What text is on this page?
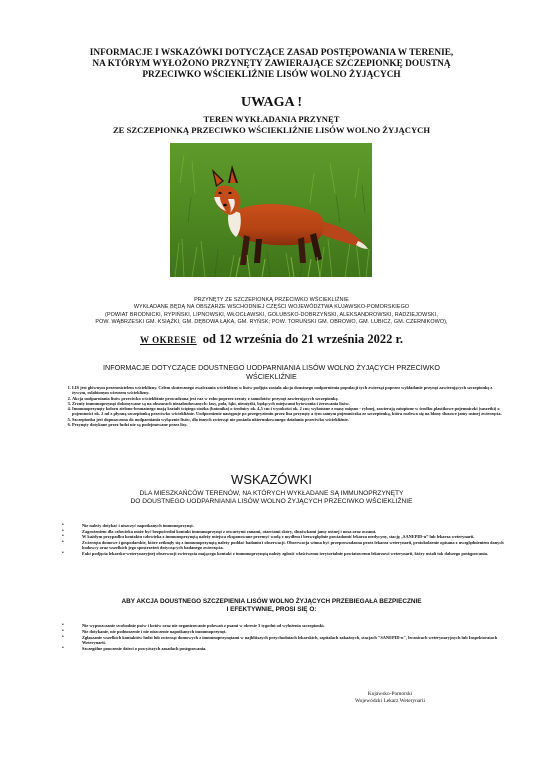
INFORMACJE I WSKAZÓWKI DOTYCZĄCE ZASAD POSTĘPOWANIA W TERENIE,
NA KTÓRYM WYŁOŻONO PRZYNĘTY ZAWIERAJĄCE SZCZEPIONKĘ DOUSTNĄ
PRZECIWKO WŚCIEKLIŹNIE LISÓW WOLNO ŻYJĄCYCH
UWAGA !
TEREN WYKŁADANIA PRZYNĘT
ZE SZCZEPIONKĄ PRZECIWKO WŚCIEKLIŹNIE LISÓW WOLNO ŻYJĄCYCH
PRZYNĘTY ZE SZCZEPIONKĄ PRZECIWKO WŚCIEKLIŹNIE
WYKŁADANE BĘDĄ NA OBSZARZE WSCHODNIEJ CZĘŚCI WOJEWÓDZTWA KUJAWSKO-POMORSKIEGO
(POWIAT BRODNICKI, RYPIŃSKI, LIPNOWSKI, WŁOCŁAWSKI, GOLUBSKO-DOBRZYŃSKI, ALEKSANDROWSKI, RADZIEJOWSKI,
POW. WĄBRZESKI GM. KSIĄŻKI, GM. DĘBOWA ŁĄKA, GM. RYŃSK; POW. TORUŃSKI GM. OBROWO, GM. LUBICZ, GM. CZERNIKOWO),
W OKRESIE od 12 września do 21 września 2022 r.
INFORMACJE DOTYCZĄCE DOUSTNEGO UODPARNIANIA LISÓW WOLNO ŻYJĄCYCH PRZECIWKO WŚCIEKLIŹNIE
1. LIS jest głównym przenosicielem wścieklizny. Celem skutecznego zwalczania wścieklizny u lisów podjęta została akcja doustnego uodpornienia populacji tych zwierząt poprzez wykładanie przynęt zawierających szczepionkę z żywym, osłabionym wirusem wścieklizny.
2. Akcja uodparniania lisów przeciwko wściekliźnie prowadzona jest raz w roku poprzez zrzuty z samolotów przynęt zawierających szczepionkę.
3. Zrzuty immunoprzynęt dokonywane są na obszarach niezabudowanych: lasy, pola, łąki, nieużytki, będących miejscami bytowania i żerowania lisów.
4. Immunoprzynęty koloru zielono-brunatnego mają kształt ściętego stożka (batonika) o średnicy ok. 4,5 cm i wysokości ok. 2 cm; wykonane z masy mięsno - rybnej, zawierają zatopione w środku plastikowe pojemniczki (saszetki) o pojemności ok. 2 ml z płynną szczepionką przeciwko wściekliźnie. Uodpornienie następuje po przegryzieniu przez lisa przynęty a tym samym pojemniczka ze szczepionką, która rozlewa się na błony śluzowe jamy ustnej zwierzęcia.
5. Szczepionka jest dopuszczona do uodparniania wyłącznie lisów, dla innych zwierząt nie posiada ukierunkowanego działania przeciwko wściekliźnie.
6. Przynęty dotykane przez ludzi nie są podejmowane przez lisy.
WSKAZÓWKI
DLA MIESZKAŃCÓW TERENÓW, NA KTÓRYCH WYKŁADANE SĄ IMMUNOPRZYNĘTY
DO DOUSTNEGO UODPARNIANIA LISÓW WOLNO ŻYJĄCYCH PRZECIWKO WŚCIEKLIŹNIE
• Nie należy dotykać i niszczyć napotkanych immunoprzynęt.
• Zagrożeniem dla człowieka może być bezpośredni kontakt immunoprzynęt z otwartymi ranami, otarciami skóry, śluzówkami jamy ustnej i nosa oraz oczami.
• W każdym przypadku kontaktu człowieka z immunoprzynętą należy miejsca eksponowane przemyć wodą z mydłem i bezwzględnie powiadomić lekarza medycyny, stację „SANEPID-u” lub lekarza weterynarii.
• Zwierzęta domowe i gospodarskie, które zetknęły się z immunoprzynętą należy poddać badaniu i obserwacji. Obserwacja winna być przeprowadzona przez lekarza weterynarii, protokolarnie opisana z uwzględnieniem danych hodowcy oraz wszelkich jego spostrzeżeń dotyczących badanego zwierzęcia.
• Fakt podjęcia lekarsko-weterynaryjnej obserwacji zwierzęcia mającego kontakt z immunoprzynętą należy zgłosić właściwemu terytorialnie powiatowemu lekarzowi weterynarii, który ustali tok dalszego postępowania.
ABY AKCJA DOUSTNEGO SZCZEPIENIA LISÓW WOLNO ŻYJĄCYCH PRZEBIEGAŁA BEZPIECZNIE
I EFEKTYWNIE, PROSI SIĘ O:
• Nie wypuszczanie swobodnie psów i kotów oraz nie organizowanie polowań z psami w okresie 3 tygodni od wyłożenia szczepionki.
• Nie dotykanie, nie podnoszenie i nie niszczenie napotkanych immunoprzynęt.
• Zgłaszanie wszelkich kontaktów ludzi lub zwierząt domowych z immunoprzynętami w najbliższych przychodniach lekarskich, szpitalach zakaźnych, stacjach "SANEPID-u", lecznicach weterynaryjnych lub Inspektoratach Weterynarii.
• Szczególne pouczenie dzieci o powyższych zasadach postępowania.
Kujawsko-Pomorski
Wojewódzki Lekarz Weterynarii
